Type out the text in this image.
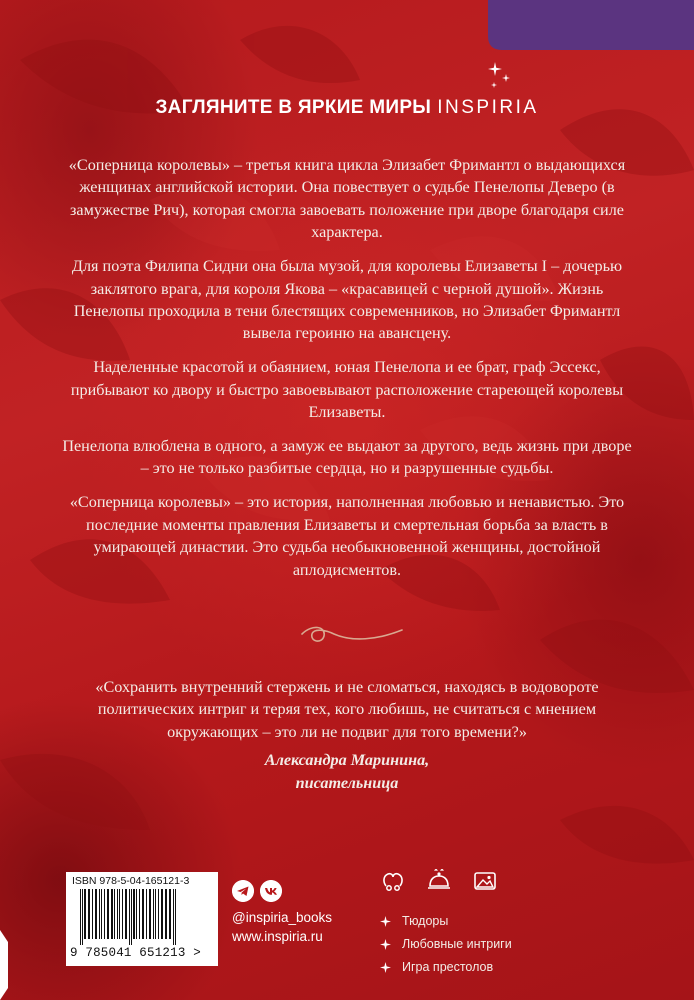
ЗАГЛЯНИТЕ В ЯРКИЕ МИРЫ INSPIRIA

«Соперница королевы» – третья книга цикла Элизабет Фримантл о выдающихся женщинах английской истории. Она повествует о судьбе Пенелопы Деверо (в замужестве Рич), которая смогла завоевать положение при дворе благодаря силе характера.

Для поэта Филипа Сидни она была музой, для королевы Елизаветы I – дочерью заклятого врага, для короля Якова – «красавицей с черной душой». Жизнь Пенелопы проходила в тени блестящих современников, но Элизабет Фримантл вывела героиню на авансцену.

Наделенные красотой и обаянием, юная Пенелопа и ее брат, граф Эссекс, прибывают ко двору и быстро завоевывают расположение стареющей королевы Елизаветы.

Пенелопа влюблена в одного, а замуж ее выдают за другого, ведь жизнь при дворе – это не только разбитые сердца, но и разрушенные судьбы.

«Соперница королевы» – это история, наполненная любовью и ненавистью. Это последние моменты правления Елизаветы и смертельная борьба за власть в умирающей династии. Это судьба необыкновенной женщины, достойной аплодисментов.

«Сохранить внутренний стержень и не сломаться, находясь в водовороте политических интриг и теряя тех, кого любишь, не считаться с мнением окружающих – это ли не подвиг для того времени?»

Александра Маринина,

писательница

ISBN 978-5-04-165121-3
9 785041 651213 >
@inspiria_books
www.inspiria.ru
Тюдоры
Любовные интриги
Игра престолов
